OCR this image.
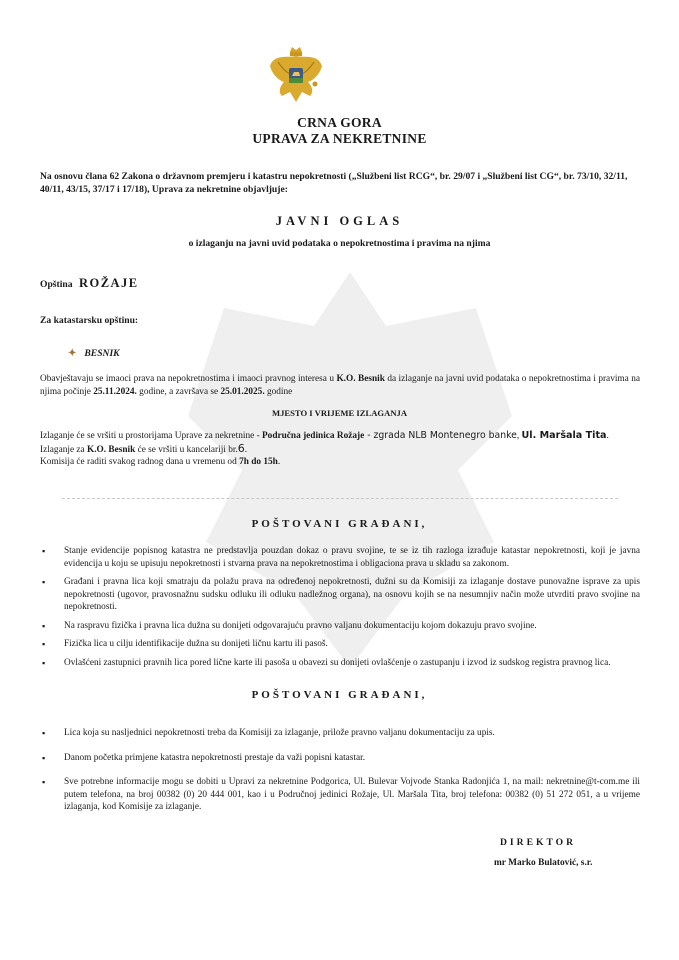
CRNA GORA
UPRAVA ZA NEKRETNINE
Na osnovu člana 62 Zakona o državnom premjeru i katastru nepokretnosti („Službeni list RCG“, br. 29/07 i „Službeni list CG“, br. 73/10, 32/11, 40/11, 43/15, 37/17 i 17/18), Uprava za nekretnine objavljuje:
JAVNI OGLAS
o izlaganju na javni uvid podataka o nepokretnostima i pravima na njima
Opština ROŽAJE
Za katastarsku opštinu:
✦ BESNIK
Obavještavaju se imaoci prava na nepokretnostima i imaoci pravnog interesa u K.O. Besnik da izlaganje na javni uvid podataka o nepokretnostima i pravima na njima počinje 25.11.2024. godine, a završava se 25.01.2025. godine
MJESTO I VRIJEME IZLAGANJA
Izlaganje će se vršiti u prostorijama Uprave za nekretnine - Područna jedinica Rožaje - zgrada NLB Montenegro banke, Ul. Maršala Tita.
Izlaganje za K.O. Besnik će se vršiti u kancelariji br.6.
Komisija će raditi svakog radnog dana u vremenu od 7h do 15h.
POŠTOVANI GRAĐANI,
▪ Stanje evidencije popisnog katastra ne predstavlja pouzdan dokaz o pravu svojine, te se iz tih razloga izrađuje katastar nepokretnosti, koji je javna evidencija u koju se upisuju nepokretnosti i stvarna prava na nepokretnostima i obligaciona prava u skladu sa zakonom.
▪ Građani i pravna lica koji smatraju da polažu prava na određenoj nepokretnosti, dužni su da Komisiji za izlaganje dostave punovažne isprave za upis nepokretnosti (ugovor, pravosnažnu sudsku odluku ili odluku nadležnog organa), na osnovu kojih se na nesumnjiv način može utvrditi pravo svojine na nepokretnosti.
▪ Na raspravu fizička i pravna lica dužna su donijeti odgovarajuću pravno valjanu dokumentaciju kojom dokazuju pravo svojine.
▪ Fizička lica u cilju identifikacije dužna su donijeti ličnu kartu ili pasoš.
▪ Ovlašćeni zastupnici pravnih lica pored lične karte ili pasoša u obavezi su donijeti ovlašćenje o zastupanju i izvod iz sudskog registra pravnog lica.
POŠTOVANI GRAĐANI,
▪ Lica koja su nasljednici nepokretnosti treba da Komisiji za izlaganje, prilože pravno valjanu dokumentaciju za upis.
▪ Danom početka primjene katastra nepokretnosti prestaje da važi popisni katastar.
▪ Sve potrebne informacije mogu se dobiti u Upravi za nekretnine Podgorica, Ul. Bulevar Vojvode Stanka Radonjića 1, na mail: nekretnine@t-com.me ili putem telefona, na broj 00382 (0) 20 444 001, kao i u Područnoj jedinici Rožaje, Ul. Maršala Tita, broj telefona: 00382 (0) 51 272 051, a u vrijeme izlaganja, kod Komisije za izlaganje.
DIREKTOR
mr Marko Bulatović, s.r.
